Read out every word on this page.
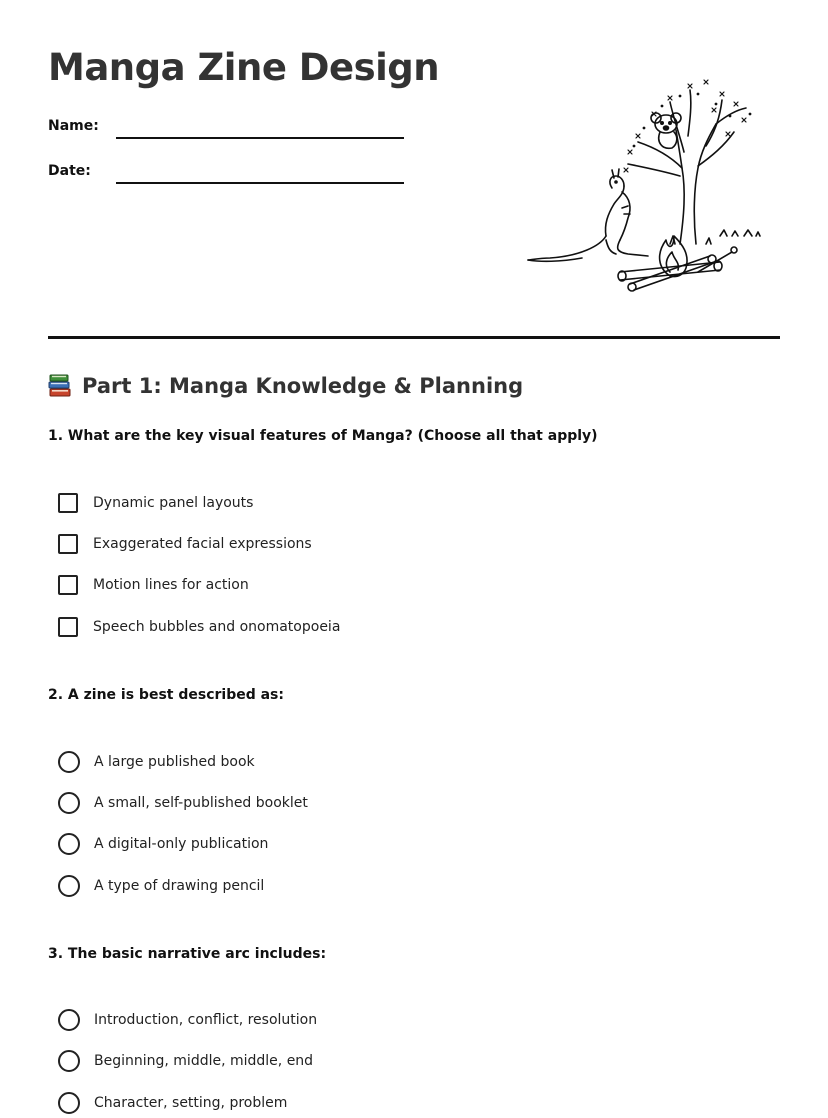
Manga Zine Design
Name:
Date:
Part 1: Manga Knowledge & Planning

1. What are the key visual features of Manga? (Choose all that apply)

Dynamic panel layouts
Exaggerated facial expressions
Motion lines for action
Speech bubbles and onomatopoeia

2. A zine is best described as:

A large published book
A small, self-published booklet
A digital-only publication
A type of drawing pencil

3. The basic narrative arc includes:

Introduction, conflict, resolution
Beginning, middle, middle, end
Character, setting, problem
